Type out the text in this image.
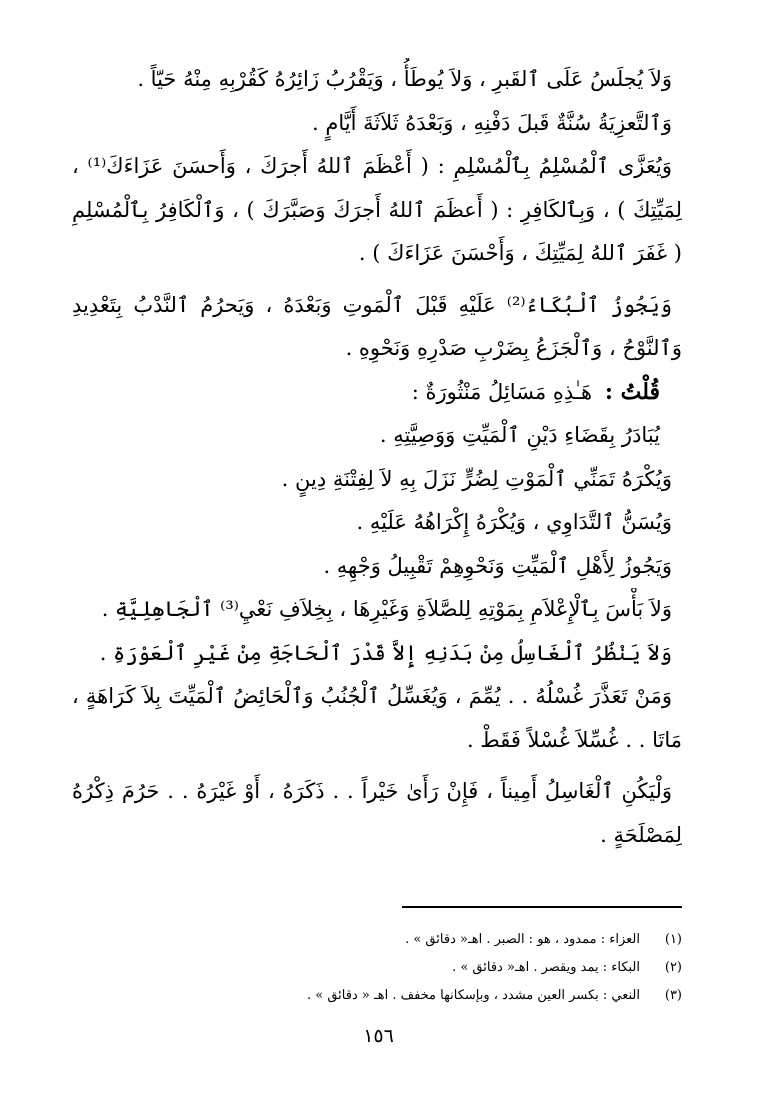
وَلاَ يُجلَسُ عَلَى ٱلقَبرِ ، وَلاَ يُوطَأُ ، وَيَقْرُبُ زَائِرُهُ كَقُرْبِهِ مِنْهُ حَيّاً .
وَٱلتَّعزِيَةُ سُنَّةٌ قَبلَ دَفْنِهِ ، وَبَعْدَهُ ثَلاَثَةَ أَيَّامٍ .
وَيُعَزَّى ٱلْمُسْلِمُ بِٱلْمُسْلِمِ : ( أَعْظَمَ ٱللهُ أَجرَكَ ، وَأَحسَنَ عَزَاءَكَ⁽¹⁾ ،
لِمَيِّتِكَ ) ، وَبِٱلكَافِرِ : ( أَعظَمَ ٱللهُ أَجرَكَ وَصَبَّرَكَ ) ، وَٱلْكَافِرُ بِٱلْمُسْلِمِ
( غَفَرَ ٱللهُ لِمَيِّتِكَ ، وَأَحْسَنَ عَزَاءَكَ ) .
وَيَجُوزُ ٱلْبُكَاءُ⁽²⁾ عَلَيْهِ قَبْلَ ٱلْمَوتِ وَبَعْدَهُ ، وَيَحرُمُ ٱلنَّدْبُ بِتَعْدِيدِ
وَٱلنَّوْحُ ، وَٱلْجَزَعُ بِضَرْبِ صَدْرِهِ وَنَحْوِهِ .
قُلْتُ : هَـٰذِهِ مَسَائِلُ مَنْثُورَةٌ :
يُبَادَرُ بِقَضَاءِ دَيْنِ ٱلْمَيِّتِ وَوَصِيَّتِهِ .
وَيُكْرَهُ تَمَنِّي ٱلْمَوْتِ لِضُرٍّ نَزَلَ بِهِ لاَ لِفِتْنَةِ دِينٍ .
وَيُسَنُّ ٱلتَّدَاوِي ، وَيُكْرَهُ إِكْرَاهُهُ عَلَيْهِ .
وَيَجُوزُ لِأَهْلِ ٱلْمَيِّتِ وَنَحْوِهِمْ تَقْبِيلُ وَجْهِهِ .
وَلاَ بَأْسَ بِٱلْإِعْلاَمِ بِمَوْتِهِ لِلصَّلاَةِ وَغَيْرِهَا ، بِخِلاَفِ نَعْيِ⁽³⁾ ٱلْجَاهِلِيَّةِ .
وَلاَ يَنْظُرُ ٱلْغَاسِلُ مِنْ بَدَنِهِ إِلاَّ قَدْرَ ٱلْحَاجَةِ مِنْ غَيْرِ ٱلْعَوْرَةِ .
وَمَنْ تَعَذَّرَ غُسْلُهُ . . يُمِّمَ ، وَيُغَسِّلُ ٱلْجُنُبُ وَٱلْحَائِضُ ٱلْمَيِّتَ بِلاَ كَرَاهَةٍ ،
مَاتَا . . غُسِّلاَ غُسْلاً فَقَطْ .
وَلْيَكُنِ ٱلْغَاسِلُ أَمِيناً ، فَإِنْ رَأَىٰ خَيْراً . . ذَكَرَهُ ، أَوْ غَيْرَهُ . . حَرُمَ ذِكْرُهُ
لِمَصْلَحَةٍ .
(١)
العزاء : ممدود ، هو : الصبر . اهـ« دقائق » .
(٢)
البكاء : يمد ويقصر . اهـ« دقائق » .
(٣)
النعي : بكسر العين مشدد ، وبإسكانها مخفف . اهـ « دقائق » .
١٥٦
